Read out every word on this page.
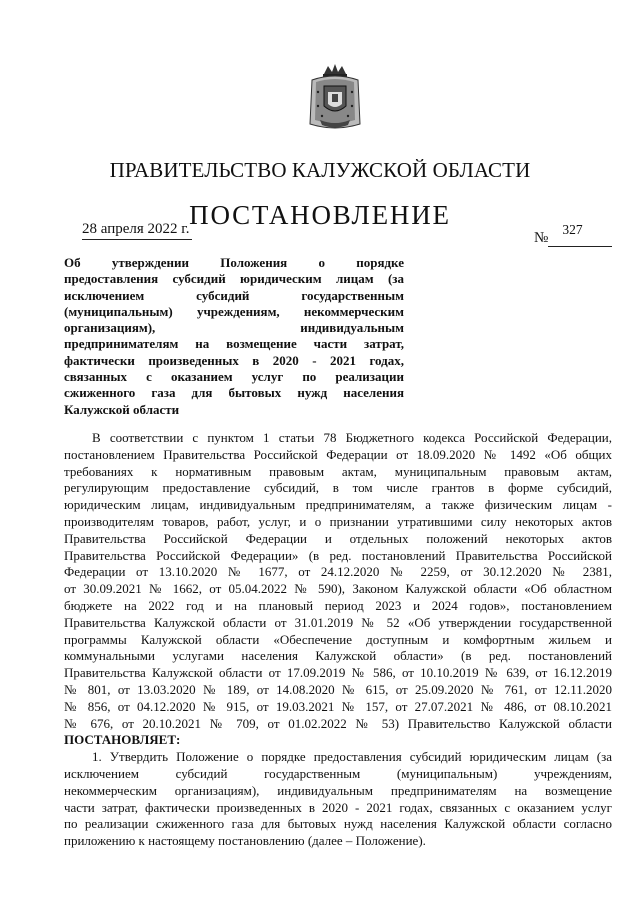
ПРАВИТЕЛЬСТВО КАЛУЖСКОЙ ОБЛАСТИ
ПОСТАНОВЛЕНИЕ
28 апреля 2022 г.
№
327
Об утверждении Положения о порядке
предоставления субсидий юридическим лицам (за
исключением субсидий государственным
(муниципальным) учреждениям, некоммерческим
организациям), индивидуальным
предпринимателям на возмещение части затрат,
фактически произведенных в 2020 - 2021 годах,
связанных с оказанием услуг по реализации
сжиженного газа для бытовых нужд населения
Калужской области
В соответствии с пунктом 1 статьи 78 Бюджетного кодекса Российской Федерации,
постановлением Правительства Российской Федерации от 18.09.2020 № 1492 «Об общих
требованиях к нормативным правовым актам, муниципальным правовым актам,
регулирующим предоставление субсидий, в том числе грантов в форме субсидий,
юридическим лицам, индивидуальным предпринимателям, а также физическим лицам -
производителям товаров, работ, услуг, и о признании утратившими силу некоторых актов
Правительства Российской Федерации и отдельных положений некоторых актов
Правительства Российской Федерации» (в ред. постановлений Правительства Российской
Федерации от 13.10.2020 № 1677, от 24.12.2020 № 2259, от 30.12.2020 № 2381,
от 30.09.2021 № 1662, от 05.04.2022 № 590), Законом Калужской области «Об областном
бюджете на 2022 год и на плановый период 2023 и 2024 годов», постановлением
Правительства Калужской области от 31.01.2019 № 52 «Об утверждении государственной
программы Калужской области «Обеспечение доступным и комфортным жильем и
коммунальными услугами населения Калужской области» (в ред. постановлений
Правительства Калужской области от 17.09.2019 № 586, от 10.10.2019 № 639, от 16.12.2019
№ 801, от 13.03.2020 № 189, от 14.08.2020 № 615, от 25.09.2020 № 761, от 12.11.2020
№ 856, от 04.12.2020 № 915, от 19.03.2021 № 157, от 27.07.2021 № 486, от 08.10.2021
№ 676, от 20.10.2021 № 709, от 01.02.2022 № 53) Правительство Калужской области
ПОСТАНОВЛЯЕТ:
1. Утвердить Положение о порядке предоставления субсидий юридическим лицам (за
исключением субсидий государственным (муниципальным) учреждениям,
некоммерческим организациям), индивидуальным предпринимателям на возмещение
части затрат, фактически произведенных в 2020 - 2021 годах, связанных с оказанием услуг
по реализации сжиженного газа для бытовых нужд населения Калужской области согласно
приложению к настоящему постановлению (далее – Положение).
